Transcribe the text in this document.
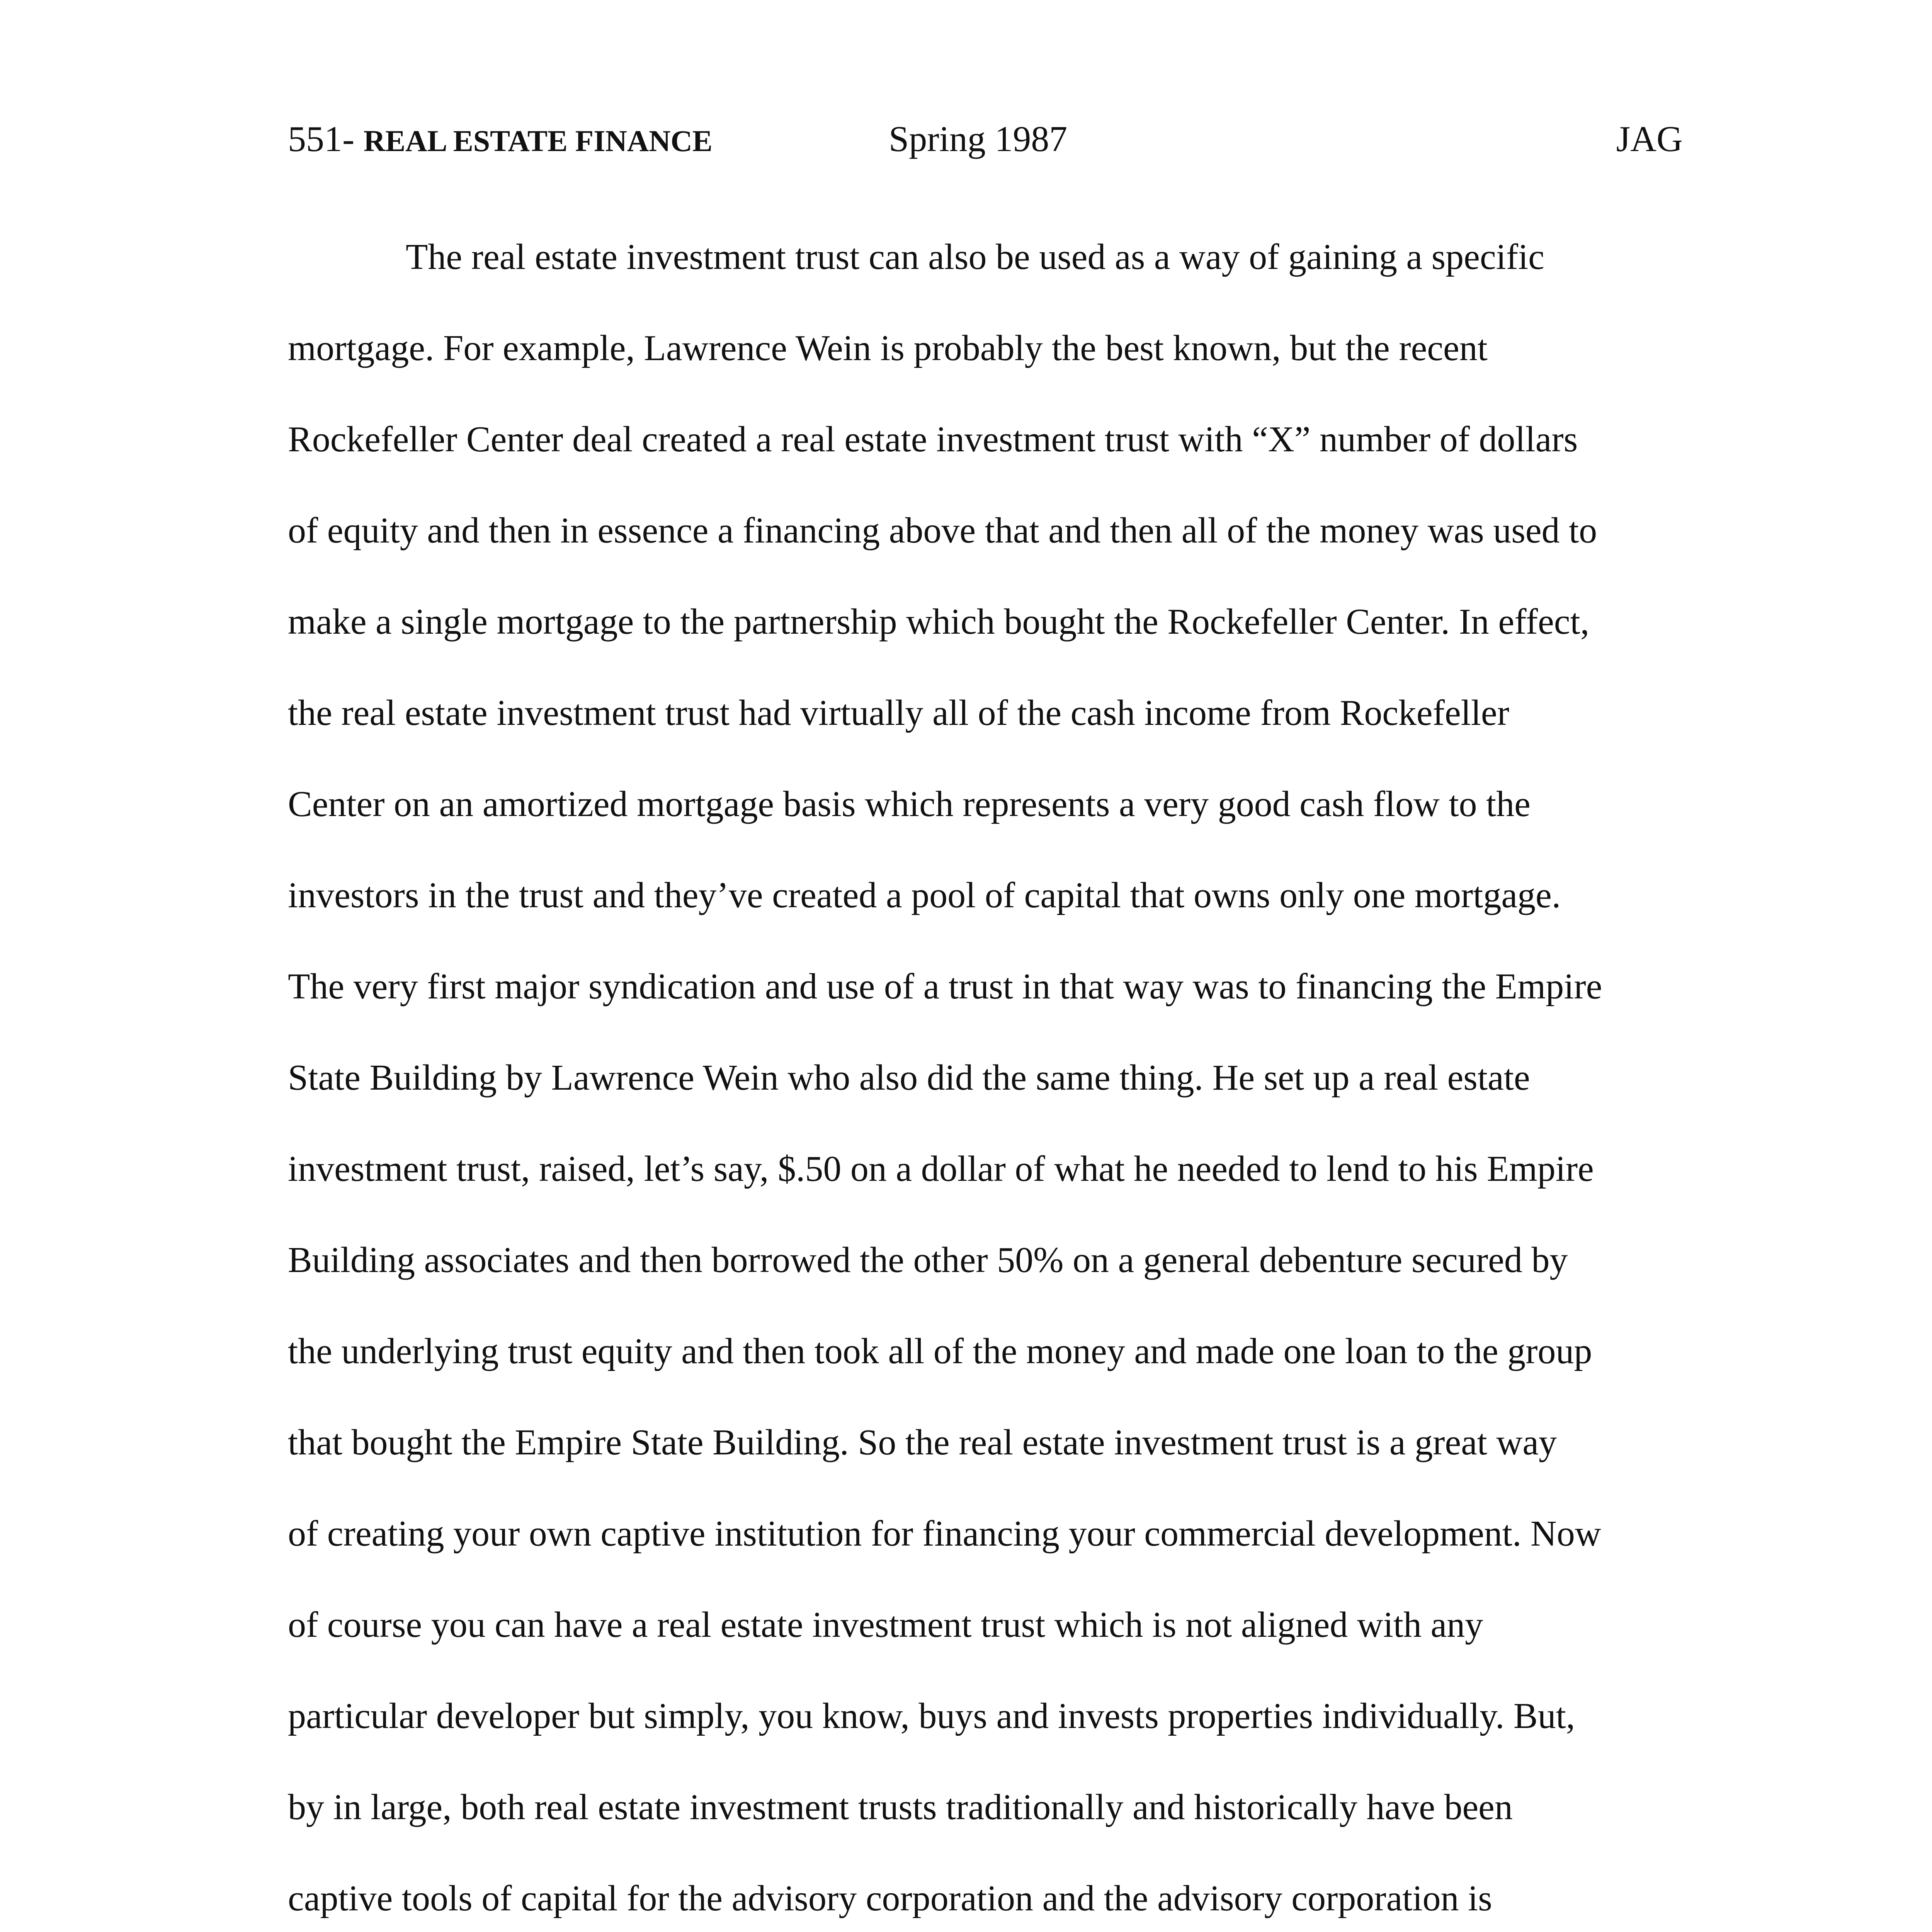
551- REAL ESTATE FINANCE	Spring 1987	JAG
The real estate investment trust can also be used as a way of gaining a specific
mortgage. For example, Lawrence Wein is probably the best known, but the recent
Rockefeller Center deal created a real estate investment trust with “X” number of dollars
of equity and then in essence a financing above that and then all of the money was used to
make a single mortgage to the partnership which bought the Rockefeller Center. In effect,
the real estate investment trust had virtually all of the cash income from Rockefeller
Center on an amortized mortgage basis which represents a very good cash flow to the
investors in the trust and they’ve created a pool of capital that owns only one mortgage.
The very first major syndication and use of a trust in that way was to financing the Empire
State Building by Lawrence Wein who also did the same thing. He set up a real estate
investment trust, raised, let’s say, $.50 on a dollar of what he needed to lend to his Empire
Building associates and then borrowed the other 50% on a general debenture secured by
the underlying trust equity and then took all of the money and made one loan to the group
that bought the Empire State Building. So the real estate investment trust is a great way
of creating your own captive institution for financing your commercial development. Now
of course you can have a real estate investment trust which is not aligned with any
particular developer but simply, you know, buys and invests properties individually. But,
by in large, both real estate investment trusts traditionally and historically have been
captive tools of capital for the advisory corporation and the advisory corporation is
